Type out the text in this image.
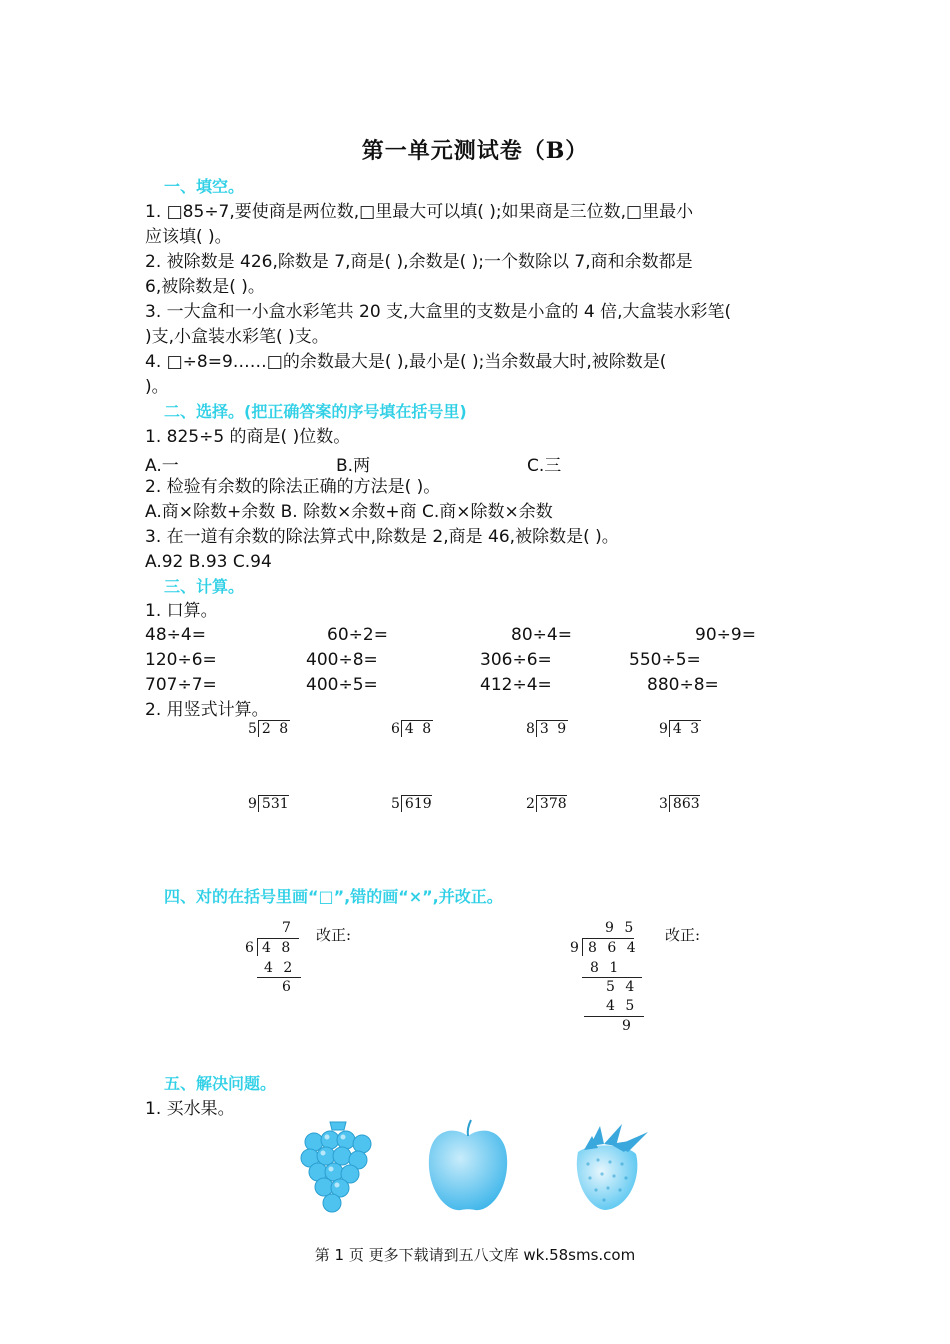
第一单元测试卷（B）
一、填空。
1. □85÷7,要使商是两位数,□里最大可以填( );如果商是三位数,□里最小
应该填( )。
2. 被除数是 426,除数是 7,商是( ),余数是( );一个数除以 7,商和余数都是
6,被除数是( )。
3. 一大盒和一小盒水彩笔共 20 支,大盒里的支数是小盒的 4 倍,大盒装水彩笔(
)支,小盒装水彩笔( )支。
4. □÷8=9……□的余数最大是( ),最小是( );当余数最大时,被除数是(
)。
二、选择。(把正确答案的序号填在括号里)
1. 825÷5 的商是( )位数。
A.一	B.两	C.三
2. 检验有余数的除法正确的方法是( )。
A.商×除数+余数 B. 除数×余数+商 C.商×除数×余数
3. 在一道有余数的除法算式中,除数是 2,商是 46,被除数是( )。
A.92 B.93 C.94
三、计算。
1. 口算。
48÷4=	60÷2=	80÷4=	90÷9=
120÷6=	400÷8=	306÷6=	550÷5=
707÷7=	400÷5=	412÷4=	880÷8=
2. 用竖式计算。
5 2 8	6 4 8	8 3 9	9 4 3
9 531	5 619	2 378	3 863
四、对的在括号里画“□”,错的画“×”,并改正。
7
6 4 8
4 2
6
改正:	9 5
9 8 6 4
8 1
5 4
4 5
9
改正:
五、解决问题。
1. 买水果。
第 1 页 更多下载请到五八文库 wk.58sms.com
